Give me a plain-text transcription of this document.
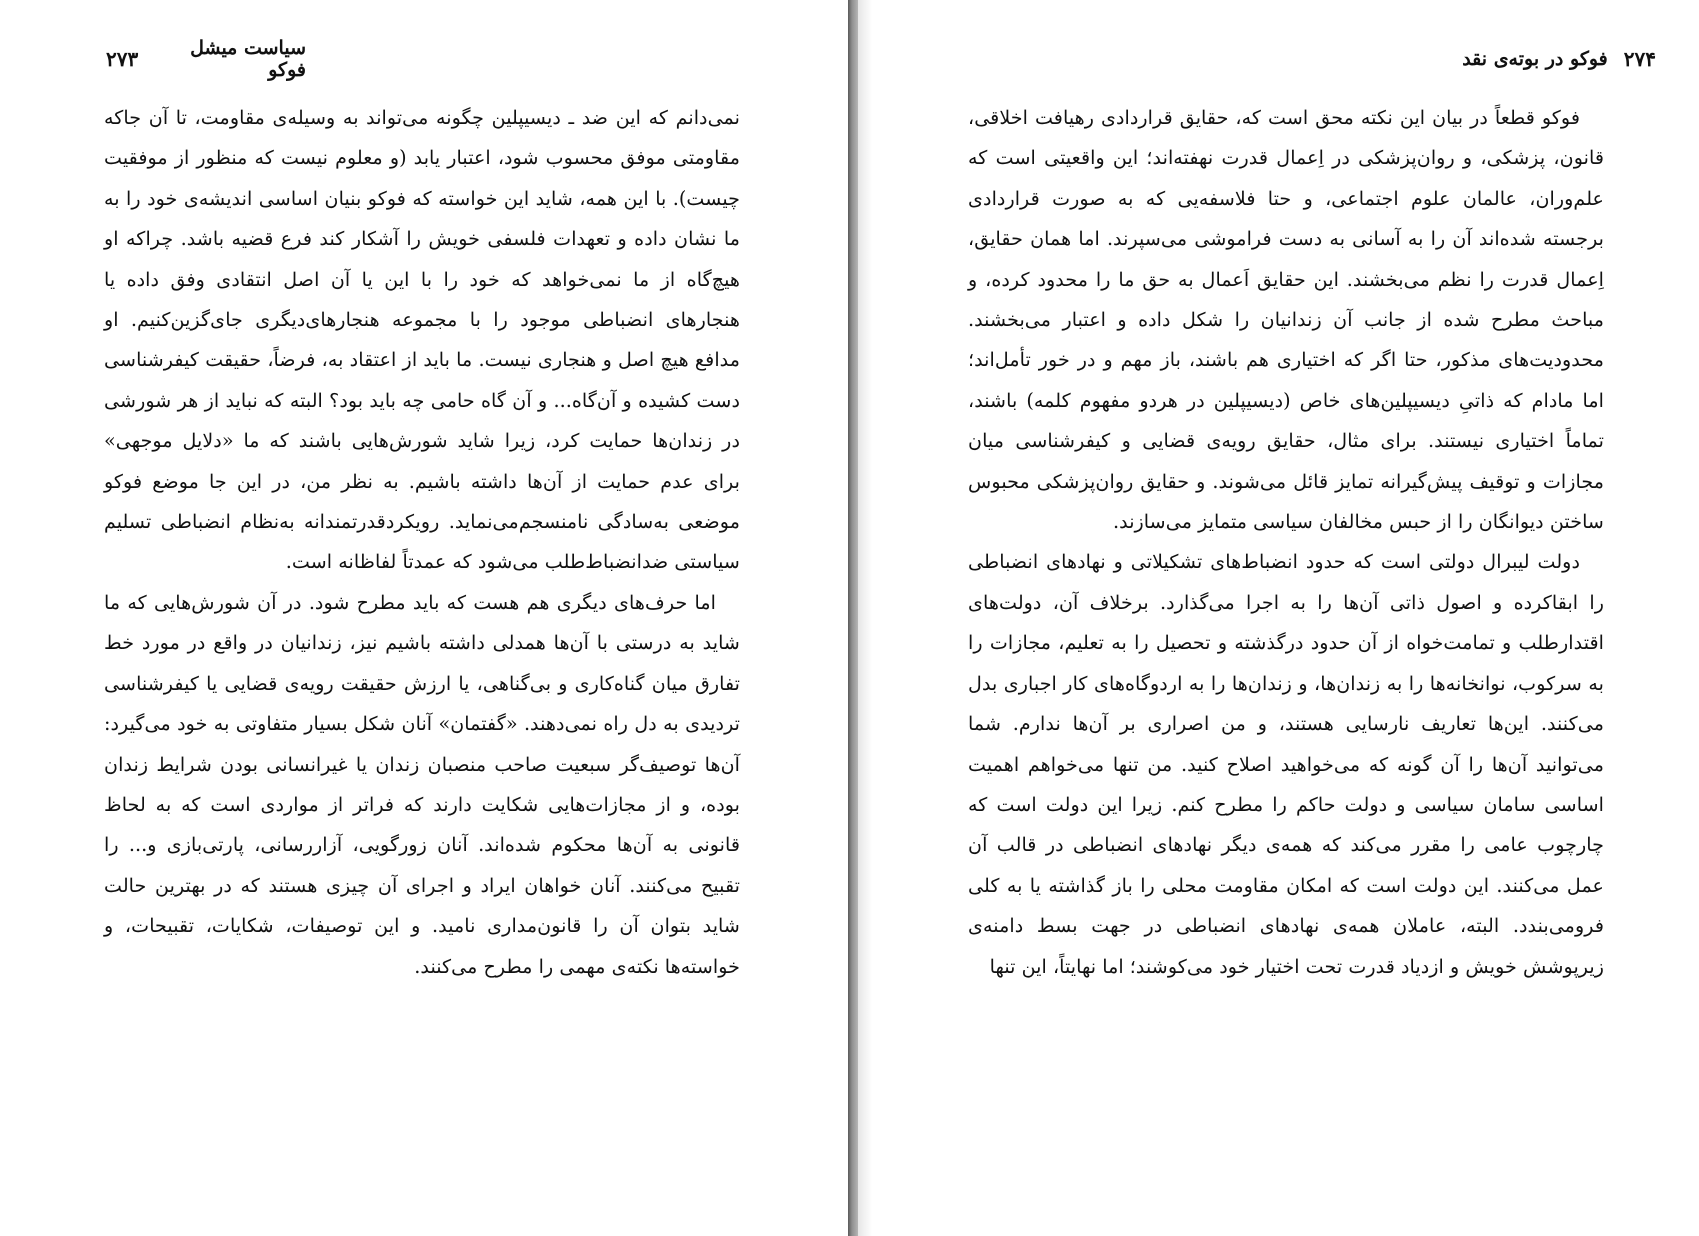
سیاست میشل فوکو
۲۷۳

نمی‌دانم که این ضد ـ دیسیپلین چگونه می‌تواند به وسیله‌ی مقاومت، تا آن جاکه مقاومتی موفق محسوب شود، اعتبار یابد (و معلوم نیست که منظور از موفقیت چیست). با این همه، شاید این خواسته که فوکو بنیان اساسی اندیشه‌ی خود را به ما نشان داده و تعهدات فلسفی خویش را آشکار کند فرع قضیه باشد. چراکه او هیچ‌گاه از ما نمی‌خواهد که خود را با این یا آن اصل انتقادی وفق داده یا هنجارهای انضباطی موجود را با مجموعه هنجارهای‌دیگری جای‌گزین‌کنیم. او مدافع هیچ اصل و هنجاری نیست. ما باید از اعتقاد به، فرضاً، حقیقت کیفرشناسی دست کشیده و آن‌گاه... و آن گاه حامی چه باید بود؟ البته که نباید از هر شورشی در زندان‌ها حمایت کرد، زیرا شاید شورش‌هایی باشند که ما «دلایل موجهی» برای عدم حمایت از آن‌ها داشته باشیم. به نظر من، در این جا موضع فوکو موضعی به‌سادگی نامنسجم‌می‌نماید. رویکردقدرتمندانه به‌نظام انضباطی تسلیم سیاستی ضدانضباط‌طلب می‌شود که عمدتاً لفاظانه است.

اما حرف‌های دیگری هم هست که باید مطرح شود. در آن شورش‌هایی که ما شاید به درستی با آن‌ها همدلی داشته باشیم نیز، زندانیان در واقع در مورد خط تفارق میان گناه‌کاری و بی‌گناهی، یا ارزش حقیقت رویه‌ی قضایی یا کیفرشناسی تردیدی به دل راه نمی‌دهند. «گفتمان» آنان شکل بسیار متفاوتی به خود می‌گیرد: آن‌ها توصیف‌گر سبعیت صاحب منصبان زندان یا غیرانسانی بودن شرایط زندان بوده، و از مجازات‌هایی شکایت دارند که فراتر از مواردی است که به لحاظ قانونی به آن‌ها محکوم شده‌اند. آنان زورگویی، آزاررسانی، پارتی‌بازی و... را تقبیح می‌کنند. آنان خواهان ایراد و اجرای آن چیزی هستند که در بهترین حالت شاید بتوان آن را قانون‌مداری نامید. و این توصیفات، شکایات، تقبیحات، و خواسته‌ها نکته‌ی مهمی را مطرح می‌کنند.

۲۷۴
فوکو در بوته‌ی نقد

فوکو قطعاً در بیان این نکته محق است که، حقایق قراردادی رهیافت اخلاقی، قانون، پزشکی، و روان‌پزشکی در اِعمال قدرت نهفته‌اند؛ این واقعیتی است که علم‌وران، عالمان علوم اجتماعی، و حتا فلاسفه‌یی که به صورت قراردادی برجسته شده‌اند آن را به آسانی به دست فراموشی می‌سپرند. اما همان حقایق، اِعمال قدرت را نظم می‌بخشند. این حقایق اَعمال به حق ما را محدود کرده، و مباحث مطرح شده از جانب آن زندانیان را شکل داده و اعتبار می‌بخشند. محدودیت‌های مذکور، حتا اگر که اختیاری هم باشند، باز مهم و در خور تأمل‌اند؛ اما مادام که ذاتیِ دیسیپلین‌های خاص (دیسیپلین در هردو مفهوم کلمه) باشند، تماماً اختیاری نیستند. برای مثال، حقایق رویه‌ی قضایی و کیفرشناسی میان مجازات و توقیف پیش‌گیرانه تمایز قائل می‌شوند. و حقایق روان‌پزشکی محبوس ساختن دیوانگان را از حبس مخالفان سیاسی متمایز می‌سازند.

دولت لیبرال دولتی است که حدود انضباط‌های تشکیلاتی و نهادهای انضباطی را ابقاکرده و اصول ذاتی آن‌ها را به اجرا می‌گذارد. برخلاف آن، دولت‌های اقتدارطلب و تمامت‌خواه از آن حدود درگذشته و تحصیل را به تعلیم، مجازات را به سرکوب، نوانخانه‌ها را به زندان‌ها، و زندان‌ها را به اردوگاه‌های کار اجباری بدل می‌کنند. این‌ها تعاریف نارسایی هستند، و من اصراری بر آن‌ها ندارم. شما می‌توانید آن‌ها را آن گونه که می‌خواهید اصلاح کنید. من تنها می‌خواهم اهمیت اساسی سامان سیاسی و دولت حاکم را مطرح کنم. زیرا این دولت است که چارچوب عامی را مقرر می‌کند که همه‌ی دیگر نهادهای انضباطی در قالب آن عمل می‌کنند. این دولت است که امکان مقاومت محلی را باز گذاشته یا به کلی فرومی‌بندد. البته، عاملان همه‌ی نهادهای انضباطی در جهت بسط دامنه‌ی زیرپوشش خویش و ازدیاد قدرت تحت اختیار خود می‌کوشند؛ اما نهایتاً، این تنها
